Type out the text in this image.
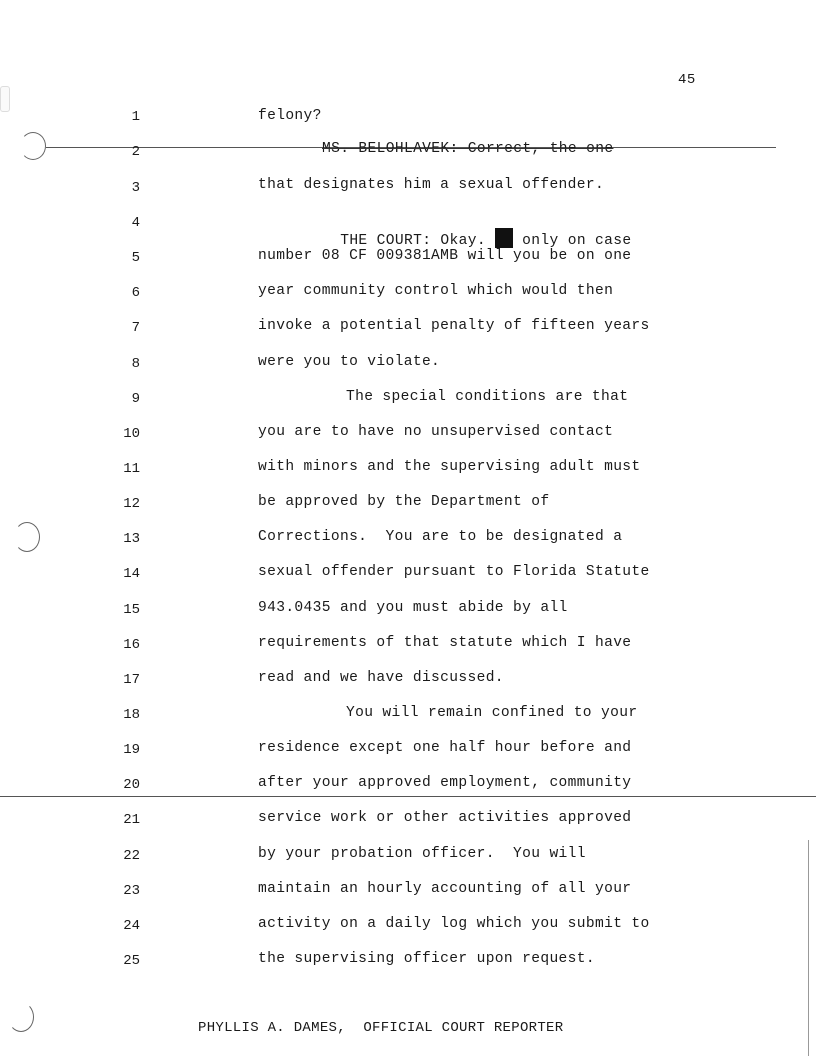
45
1	felony?
2	MS. BELOHLAVEK: Correct, the one
3	that designates him a sexual offender.
4

THE COURT: Okay.  only on case

5	number 08 CF 009381AMB will you be on one
6	year community control which would then
7	invoke a potential penalty of fifteen years
8	were you to violate.
9	The special conditions are that
10	you are to have no unsupervised contact
11	with minors and the supervising adult must
12	be approved by the Department of
13	Corrections.  You are to be designated a
14	sexual offender pursuant to Florida Statute
15	943.0435 and you must abide by all
16	requirements of that statute which I have
17	read and we have discussed.
18	You will remain confined to your
19	residence except one half hour before and
20	after your approved employment, community
21	service work or other activities approved
22	by your probation officer.  You will
23	maintain an hourly accounting of all your
24	activity on a daily log which you submit to
25	the supervising officer upon request.
PHYLLIS A. DAMES,  OFFICIAL COURT REPORTER
